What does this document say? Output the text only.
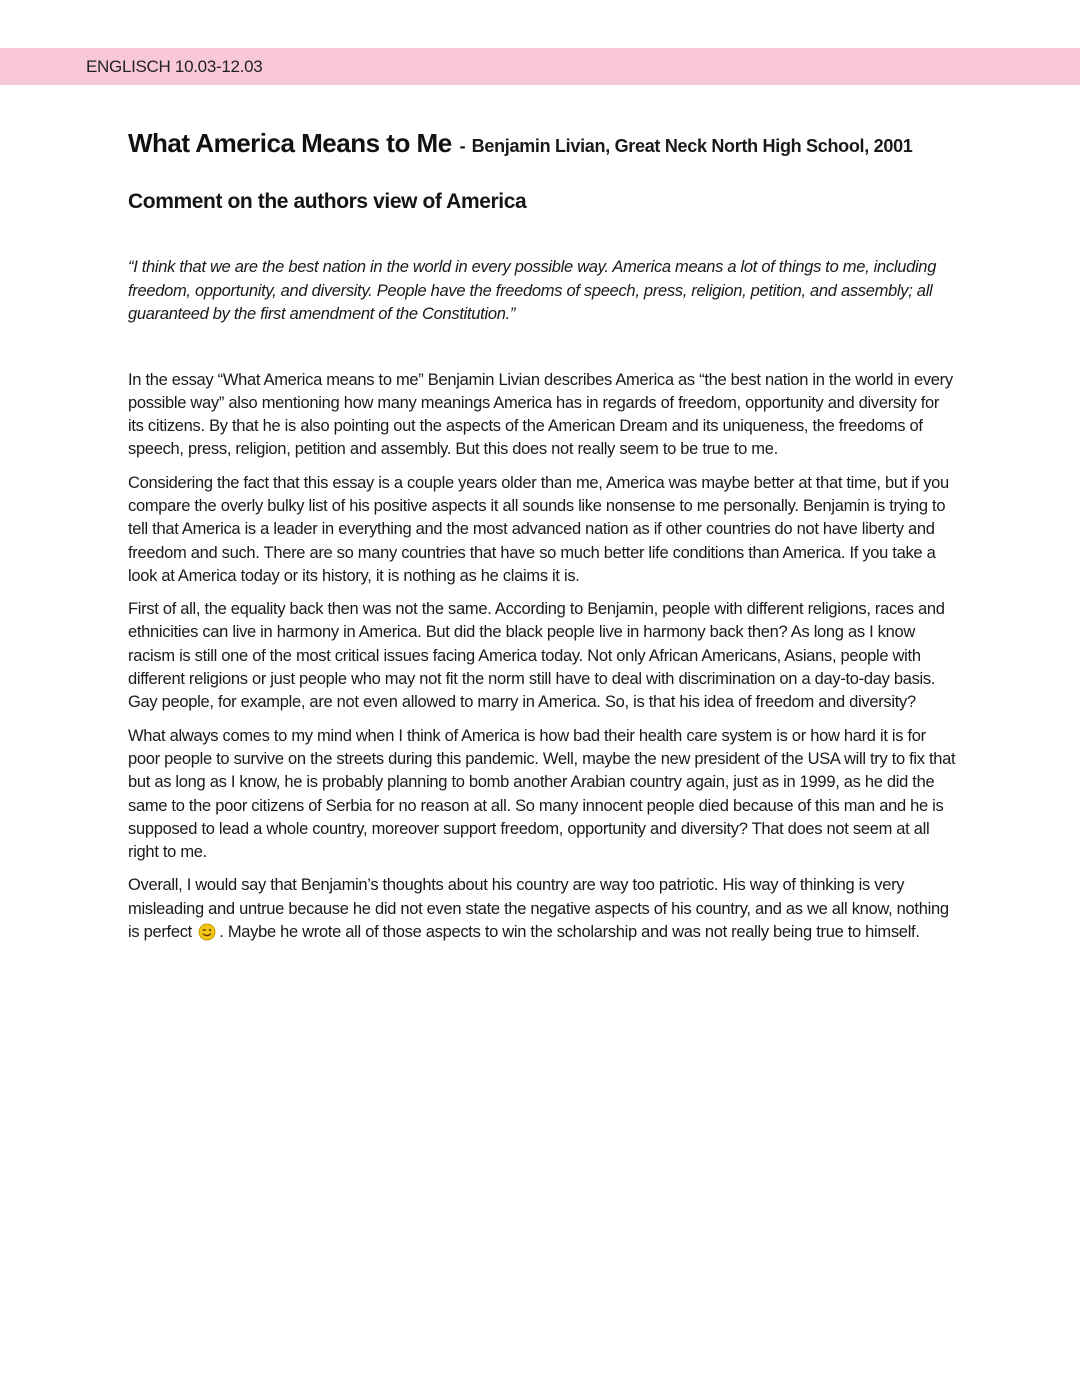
ENGLISCH 10.03-12.03
What America Means to Me - Benjamin Livian, Great Neck North High School, 2001
Comment on the authors view of America

“I think that we are the best nation in the world in every possible way. America means a lot of things to me, including freedom, opportunity, and diversity. People have the freedoms of speech, press, religion, petition, and assembly; all guaranteed by the first amendment of the Constitution.”

In the essay “What America means to me” Benjamin Livian describes America as “the best nation in the world in every possible way” also mentioning how many meanings America has in regards of freedom, opportunity and diversity for its citizens. By that he is also pointing out the aspects of the American Dream and its uniqueness, the freedoms of speech, press, religion, petition and assembly. But this does not really seem to be true to me.

Considering the fact that this essay is a couple years older than me, America was maybe better at that time, but if you compare the overly bulky list of his positive aspects it all sounds like nonsense to me personally. Benjamin is trying to tell that America is a leader in everything and the most advanced nation as if other countries do not have liberty and freedom and such. There are so many countries that have so much better life conditions than America. If you take a look at America today or its history, it is nothing as he claims it is.

First of all, the equality back then was not the same. According to Benjamin, people with different religions, races and ethnicities can live in harmony in America. But did the black people live in harmony back then? As long as I know racism is still one of the most critical issues facing America today. Not only African Americans, Asians, people with different religions or just people who may not fit the norm still have to deal with discrimination on a day-to-day basis. Gay people, for example, are not even allowed to marry in America. So, is that his idea of freedom and diversity?

What always comes to my mind when I think of America is how bad their health care system is or how hard it is for poor people to survive on the streets during this pandemic. Well, maybe the new president of the USA will try to fix that but as long as I know, he is probably planning to bomb another Arabian country again, just as in 1999, as he did the same to the poor citizens of Serbia for no reason at all. So many innocent people died because of this man and he is supposed to lead a whole country, moreover support freedom, opportunity and diversity? That does not seem at all right to me.

Overall, I would say that Benjamin’s thoughts about his country are way too patriotic. His way of thinking is very misleading and untrue because he did not even state the negative aspects of his country, and as we all know, nothing is perfect . Maybe he wrote all of those aspects to win the scholarship and was not really being true to himself.
